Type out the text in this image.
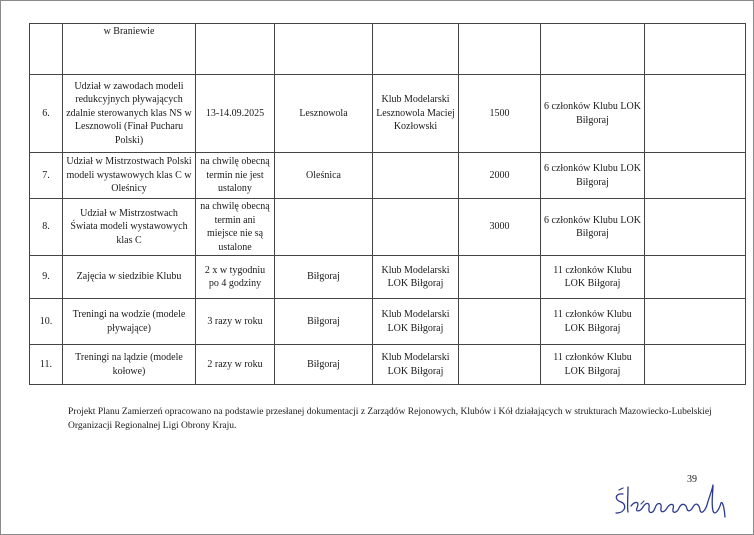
	w Braniewie						
6.	Udział w zawodach modeli redukcyjnych pływających zdalnie sterowanych klas NS w Lesznowoli (Finał Pucharu Polski)	13-14.09.2025	Lesznowola	Klub Modelarski Lesznowola Maciej Kozłowski	1500	6 członków Klubu LOK Biłgoraj	
7.	Udział w Mistrzostwach Polski modeli wystawowych klas C w Oleśnicy	na chwilę obecną termin nie jest ustalony	Oleśnica		2000	6 członków Klubu LOK Biłgoraj	
8.	Udział w Mistrzostwach Świata modeli wystawowych klas C	na chwilę obecną termin ani miejsce nie są ustalone			3000	6 członków Klubu LOK Biłgoraj	
9.	Zajęcia w siedzibie Klubu	2 x w tygodniu po 4 godziny	Biłgoraj	Klub Modelarski LOK Biłgoraj		11 członków Klubu LOK Biłgoraj	
10.	Treningi na wodzie (modele pływające)	3 razy w roku	Biłgoraj	Klub Modelarski LOK Biłgoraj		11 członków Klubu LOK Biłgoraj	
11.	Treningi na lądzie (modele kołowe)	2 razy w roku	Biłgoraj	Klub Modelarski LOK Biłgoraj		11 członków Klubu LOK Biłgoraj	
Projekt Planu Zamierzeń opracowano na podstawie przesłanej dokumentacji z Zarządów Rejonowych, Klubów i Kół działających w strukturach Mazowiecko-Lubelskiej Organizacji Regionalnej Ligi Obrony Kraju.
39
